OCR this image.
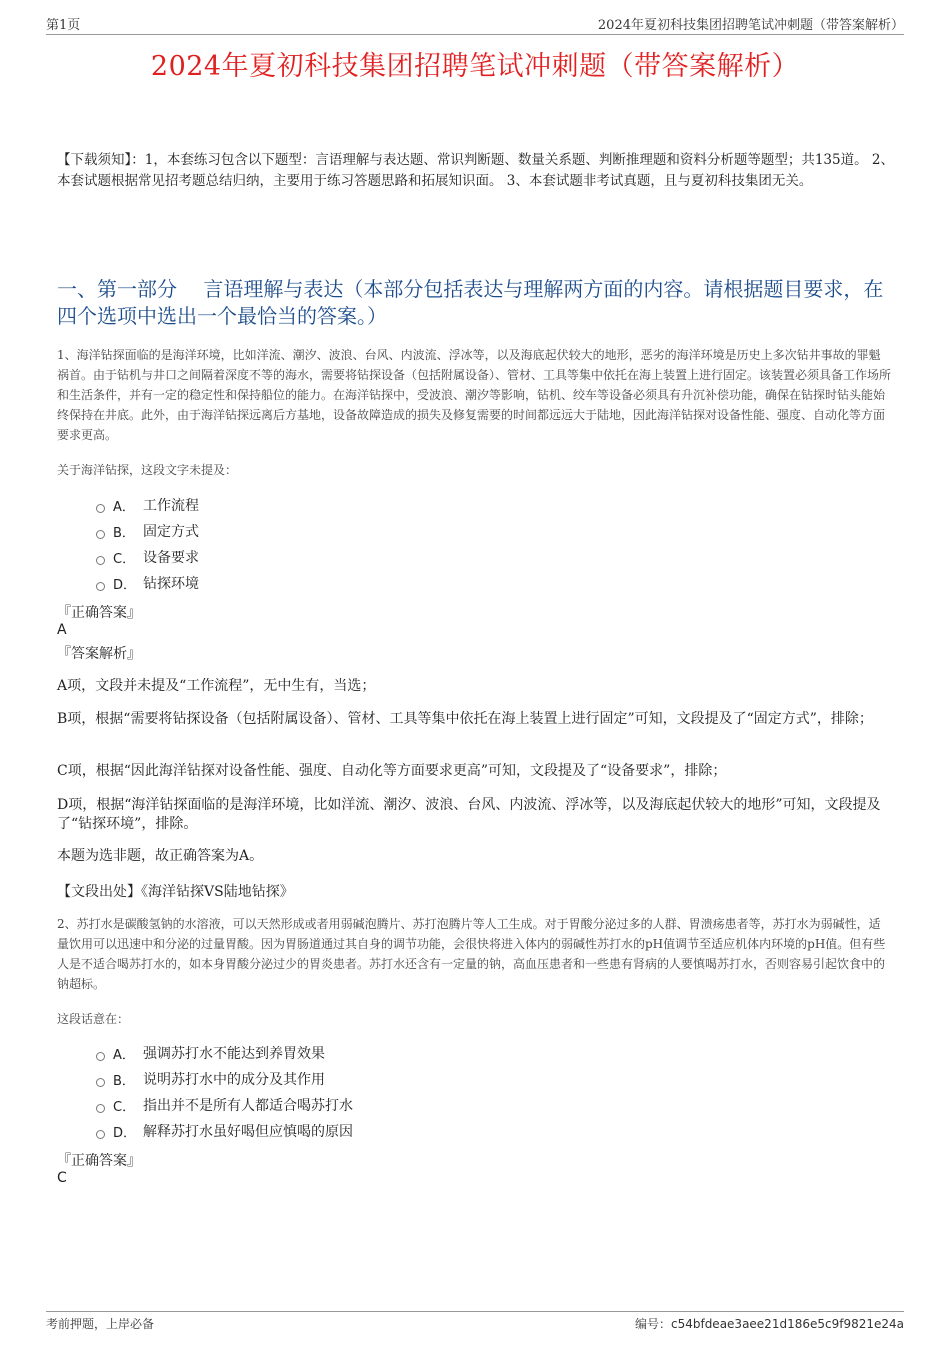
第1页	2024年夏初科技集团招聘笔试冲刺题（带答案解析）
2024年夏初科技集团招聘笔试冲刺题（带答案解析）
【下载须知】：1，本套练习包含以下题型：言语理解与表达题、常识判断题、数量关系题、判断推理题和资料分析题等题型；共135道。 2、本套试题根据常见招考题总结归纳，主要用于练习答题思路和拓展知识面。 3、本套试题非考试真题，且与夏初科技集团无关。
一、第一部分　 言语理解与表达（本部分包括表达与理解两方面的内容。请根据题目要求，在四个选项中选出一个最恰当的答案。）
1、海洋钻探面临的是海洋环境，比如洋流、潮汐、波浪、台风、内波流、浮冰等，以及海底起伏较大的地形，恶劣的海洋环境是历史上多次钻井事故的罪魁祸首。由于钻机与井口之间隔着深度不等的海水，需要将钻探设备（包括附属设备）、管材、工具等集中依托在海上装置上进行固定。该装置必须具备工作场所和生活条件，并有一定的稳定性和保持船位的能力。在海洋钻探中，受波浪、潮汐等影响，钻机、绞车等设备必须具有升沉补偿功能，确保在钻探时钻头能始终保持在井底。此外，由于海洋钻探远离后方基地，设备故障造成的损失及修复需要的时间都远远大于陆地，因此海洋钻探对设备性能、强度、自动化等方面要求更高。
关于海洋钻探，这段文字未提及：
A． 工作流程
B． 固定方式
C． 设备要求
D． 钻探环境
『正确答案』
A
『答案解析』
A项，文段并未提及“工作流程”，无中生有，当选；
B项，根据“需要将钻探设备（包括附属设备）、管材、工具等集中依托在海上装置上进行固定”可知，文段提及了“固定方式”，排除；
C项，根据“因此海洋钻探对设备性能、强度、自动化等方面要求更高”可知，文段提及了“设备要求”，排除；
D项，根据“海洋钻探面临的是海洋环境，比如洋流、潮汐、波浪、台风、内波流、浮冰等，以及海底起伏较大的地形”可知，文段提及了“钻探环境”，排除。
本题为选非题，故正确答案为A。
【文段出处】《海洋钻探VS陆地钻探》
2、苏打水是碳酸氢钠的水溶液，可以天然形成或者用弱碱泡腾片、苏打泡腾片等人工生成。对于胃酸分泌过多的人群、胃溃疡患者等，苏打水为弱碱性，适量饮用可以迅速中和分泌的过量胃酸。因为胃肠道通过其自身的调节功能，会很快将进入体内的弱碱性苏打水的pH值调节至适应机体内环境的pH值。但有些人是不适合喝苏打水的，如本身胃酸分泌过少的胃炎患者。苏打水还含有一定量的钠，高血压患者和一些患有肾病的人要慎喝苏打水，否则容易引起饮食中的钠超标。
这段话意在：
A． 强调苏打水不能达到养胃效果
B． 说明苏打水中的成分及其作用
C． 指出并不是所有人都适合喝苏打水
D． 解释苏打水虽好喝但应慎喝的原因
『正确答案』
C
考前押题，上岸必备	编号：c54bfdeae3aee21d186e5c9f9821e24a
